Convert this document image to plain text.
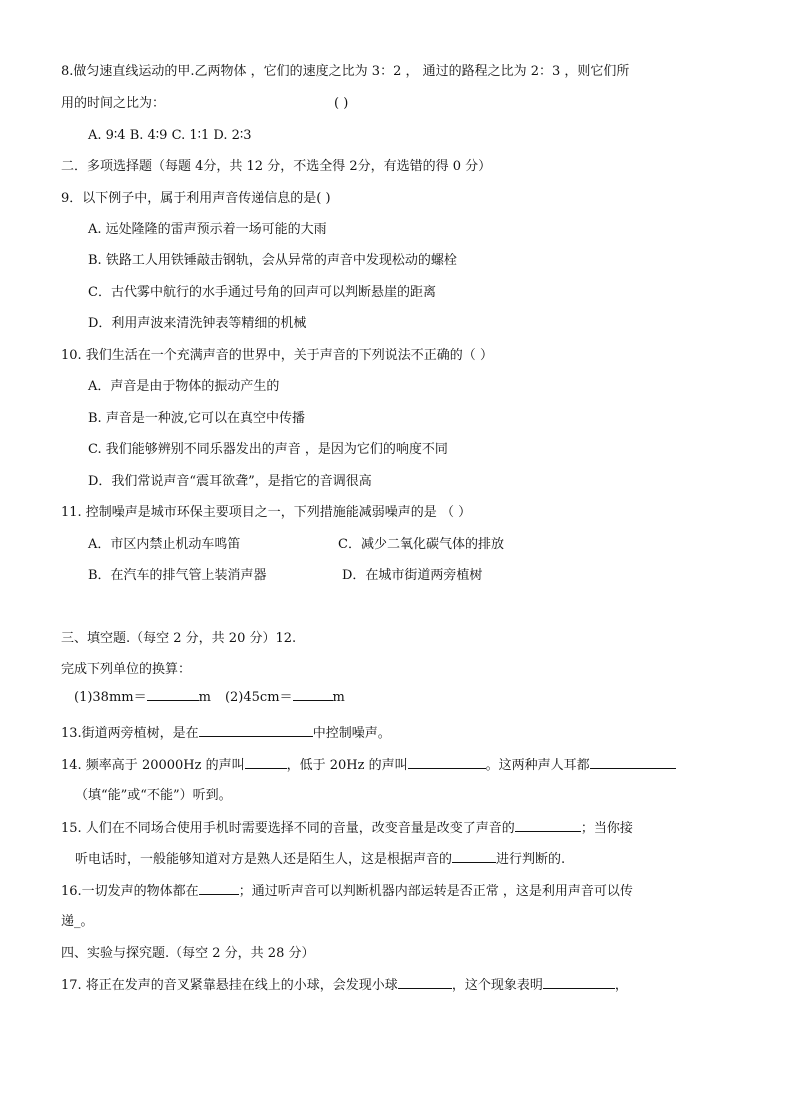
8.做匀速直线运动的甲.乙两物体 ，它们的速度之比为 3：2 ， 通过的路程之比为 2：3 ，则它们所
用的时间之比为：	( )
A. 9∶4 B. 4∶9 C. 1∶1 D. 2∶3
二．多项选择题（每题 4分，共 12 分，不选全得 2分，有选错的得 0 分）
9．以下例子中，属于利用声音传递信息的是( )
A. 远处隆隆的雷声预示着一场可能的大雨
B. 铁路工人用铁锤敲击钢轨，会从异常的声音中发现松动的螺栓
C．古代雾中航行的水手通过号角的回声可以判断悬崖的距离
D．利用声波来清洗钟表等精细的机械
10. 我们生活在一个充满声音的世界中，关于声音的下列说法不正确的（ ）
A．声音是由于物体的振动产生的
B. 声音是一种波,它可以在真空中传播
C. 我们能够辨别不同乐器发出的声音 ，是因为它们的响度不同
D．我们常说声音“震耳欲聋”，是指它的音调很高
11. 控制噪声是城市环保主要项目之一，下列措施能减弱噪声的是 （ ）
A．市区内禁止机动车鸣笛	C．减少二氧化碳气体的排放
B．在汽车的排气管上装消声器	D．在城市街道两旁植树
三、填空题.（每空 2 分，共 20 分）12.
完成下列单位的换算：
(1)38mm＝	m (2)45cm＝	m
13.街道两旁植树，是在	中控制噪声。
14. 频率高于 20000Hz 的声叫	，低于 20Hz 的声叫	。这两种声人耳都
（填“能”或“不能”）听到。
15. 人们在不同场合使用手机时需要选择不同的音量，改变音量是改变了声音的	；当你接
听电话时，一般能够知道对方是熟人还是陌生人，这是根据声音的	进行判断的.
16.一切发声的物体都在	；通过听声音可以判断机器内部运转是否正常 ，这是利用声音可以传
递_。
四、实验与探究题.（每空 2 分，共 28 分）
17. 将正在发声的音叉紧靠悬挂在线上的小球，会发现小球	，这个现象表明	，
